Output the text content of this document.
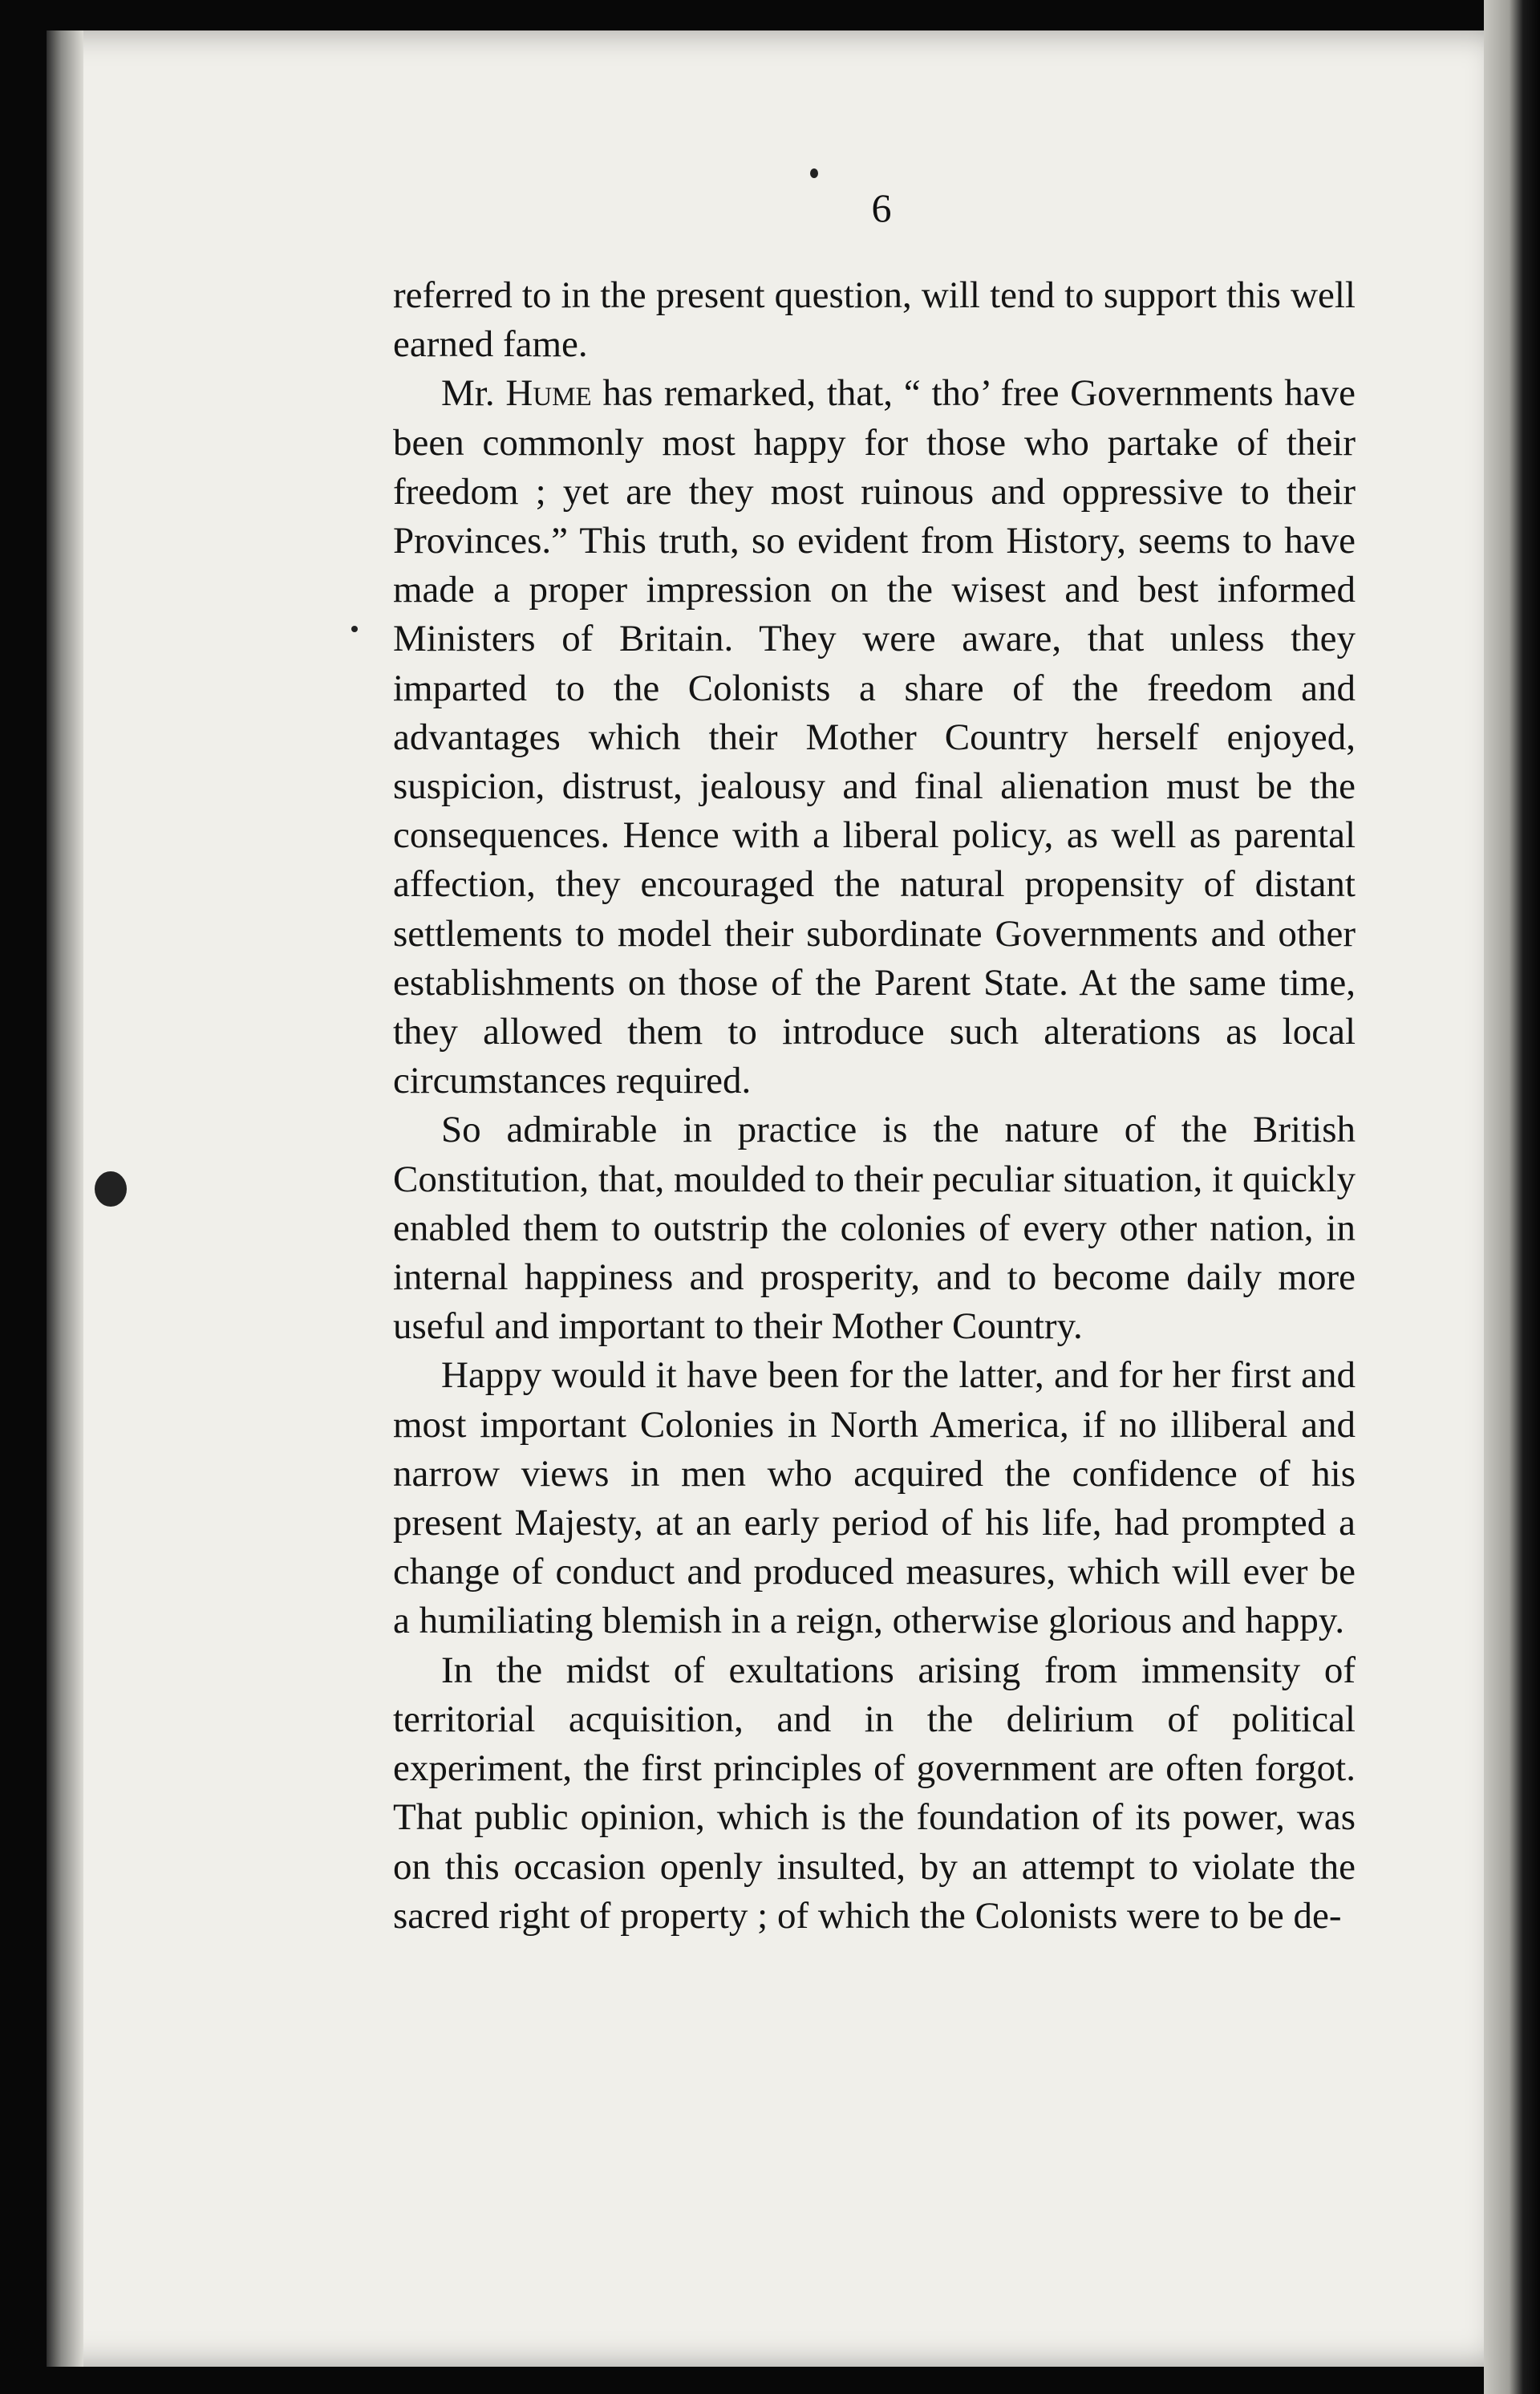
6

referred to in the present question, will tend to support this well earned fame.

Mr. Hume has remarked, that, “ tho’ free Governments have been commonly most happy for those who partake of their freedom ; yet are they most ruinous and oppressive to their Provinces.” This truth, so evident from History, seems to have made a proper impression on the wisest and best informed Ministers of Britain. They were aware, that unless they imparted to the Colonists a share of the freedom and advantages which their Mother Country herself enjoyed, suspicion, distrust, jealousy and final alienation must be the consequences. Hence with a liberal policy, as well as parental affection, they encouraged the natural propensity of distant settlements to model their subordinate Governments and other establishments on those of the Parent State. At the same time, they allowed them to introduce such alterations as local circumstances required.

So admirable in practice is the nature of the British Constitution, that, moulded to their peculiar situation, it quickly enabled them to outstrip the colonies of every other nation, in internal happiness and prosperity, and to become daily more useful and important to their Mother Country.

Happy would it have been for the latter, and for her first and most important Colonies in North America, if no illiberal and narrow views in men who acquired the confidence of his present Majesty, at an early period of his life, had prompted a change of conduct and produced measures, which will ever be a humiliating blemish in a reign, otherwise glorious and happy.

In the midst of exultations arising from immensity of territorial acquisition, and in the delirium of political experiment, the first principles of government are often forgot. That public opinion, which is the foundation of its power, was on this occasion openly insulted, by an attempt to violate the sacred right of property ; of which the Colonists were to be de-
